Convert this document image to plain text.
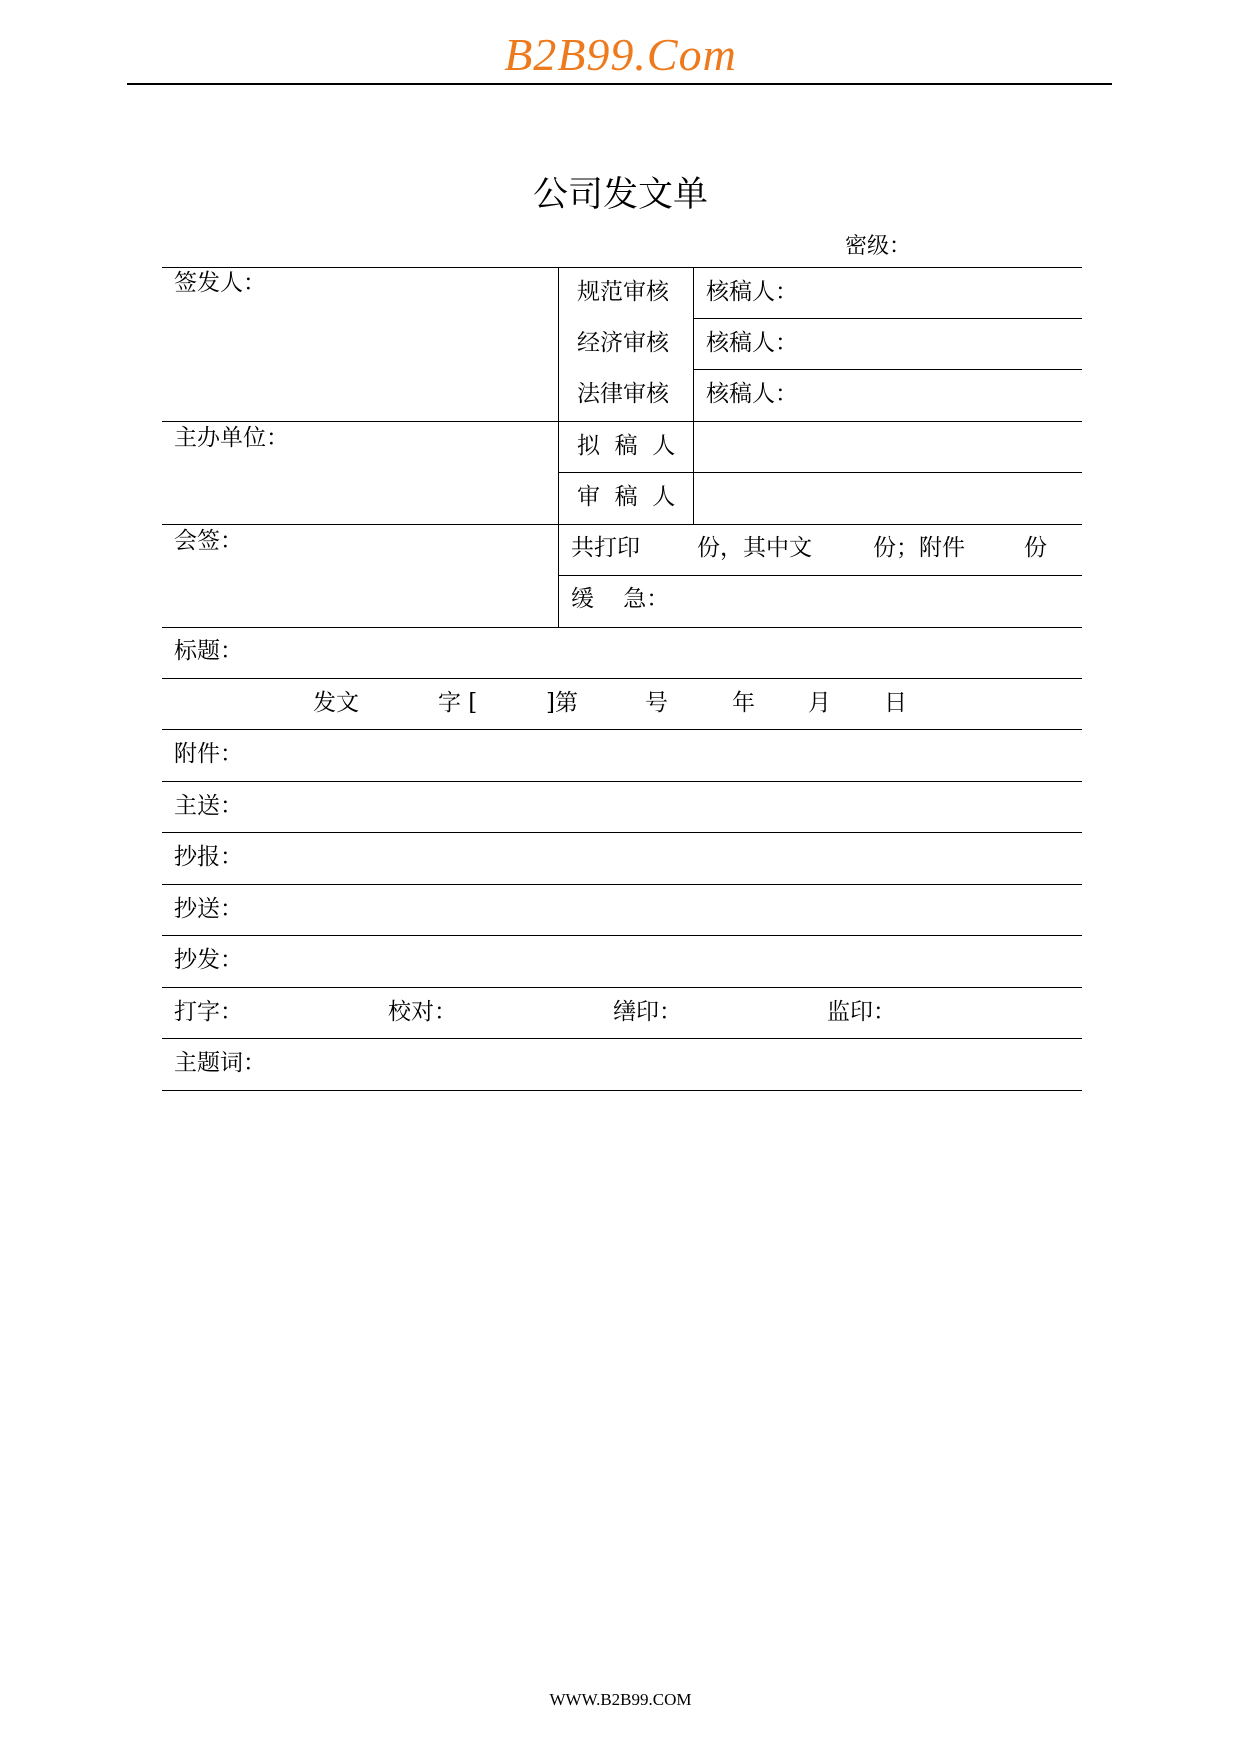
B2B99.Com
公司发文单
密级：
签发人：
主办单位：
会签：
规范审核 核稿人：
经济审核 核稿人：
法律审核 核稿人：
拟  稿  人
审  稿  人
共打印 份，其中文	份；附件	份
缓    急：
标题：
发文	字 [	]第	号	年 月 日
附件：
主送：
抄报：
抄送：
抄发：
打字：	校对：	缮印：	监印：
主题词：
WWW.B2B99.COM
